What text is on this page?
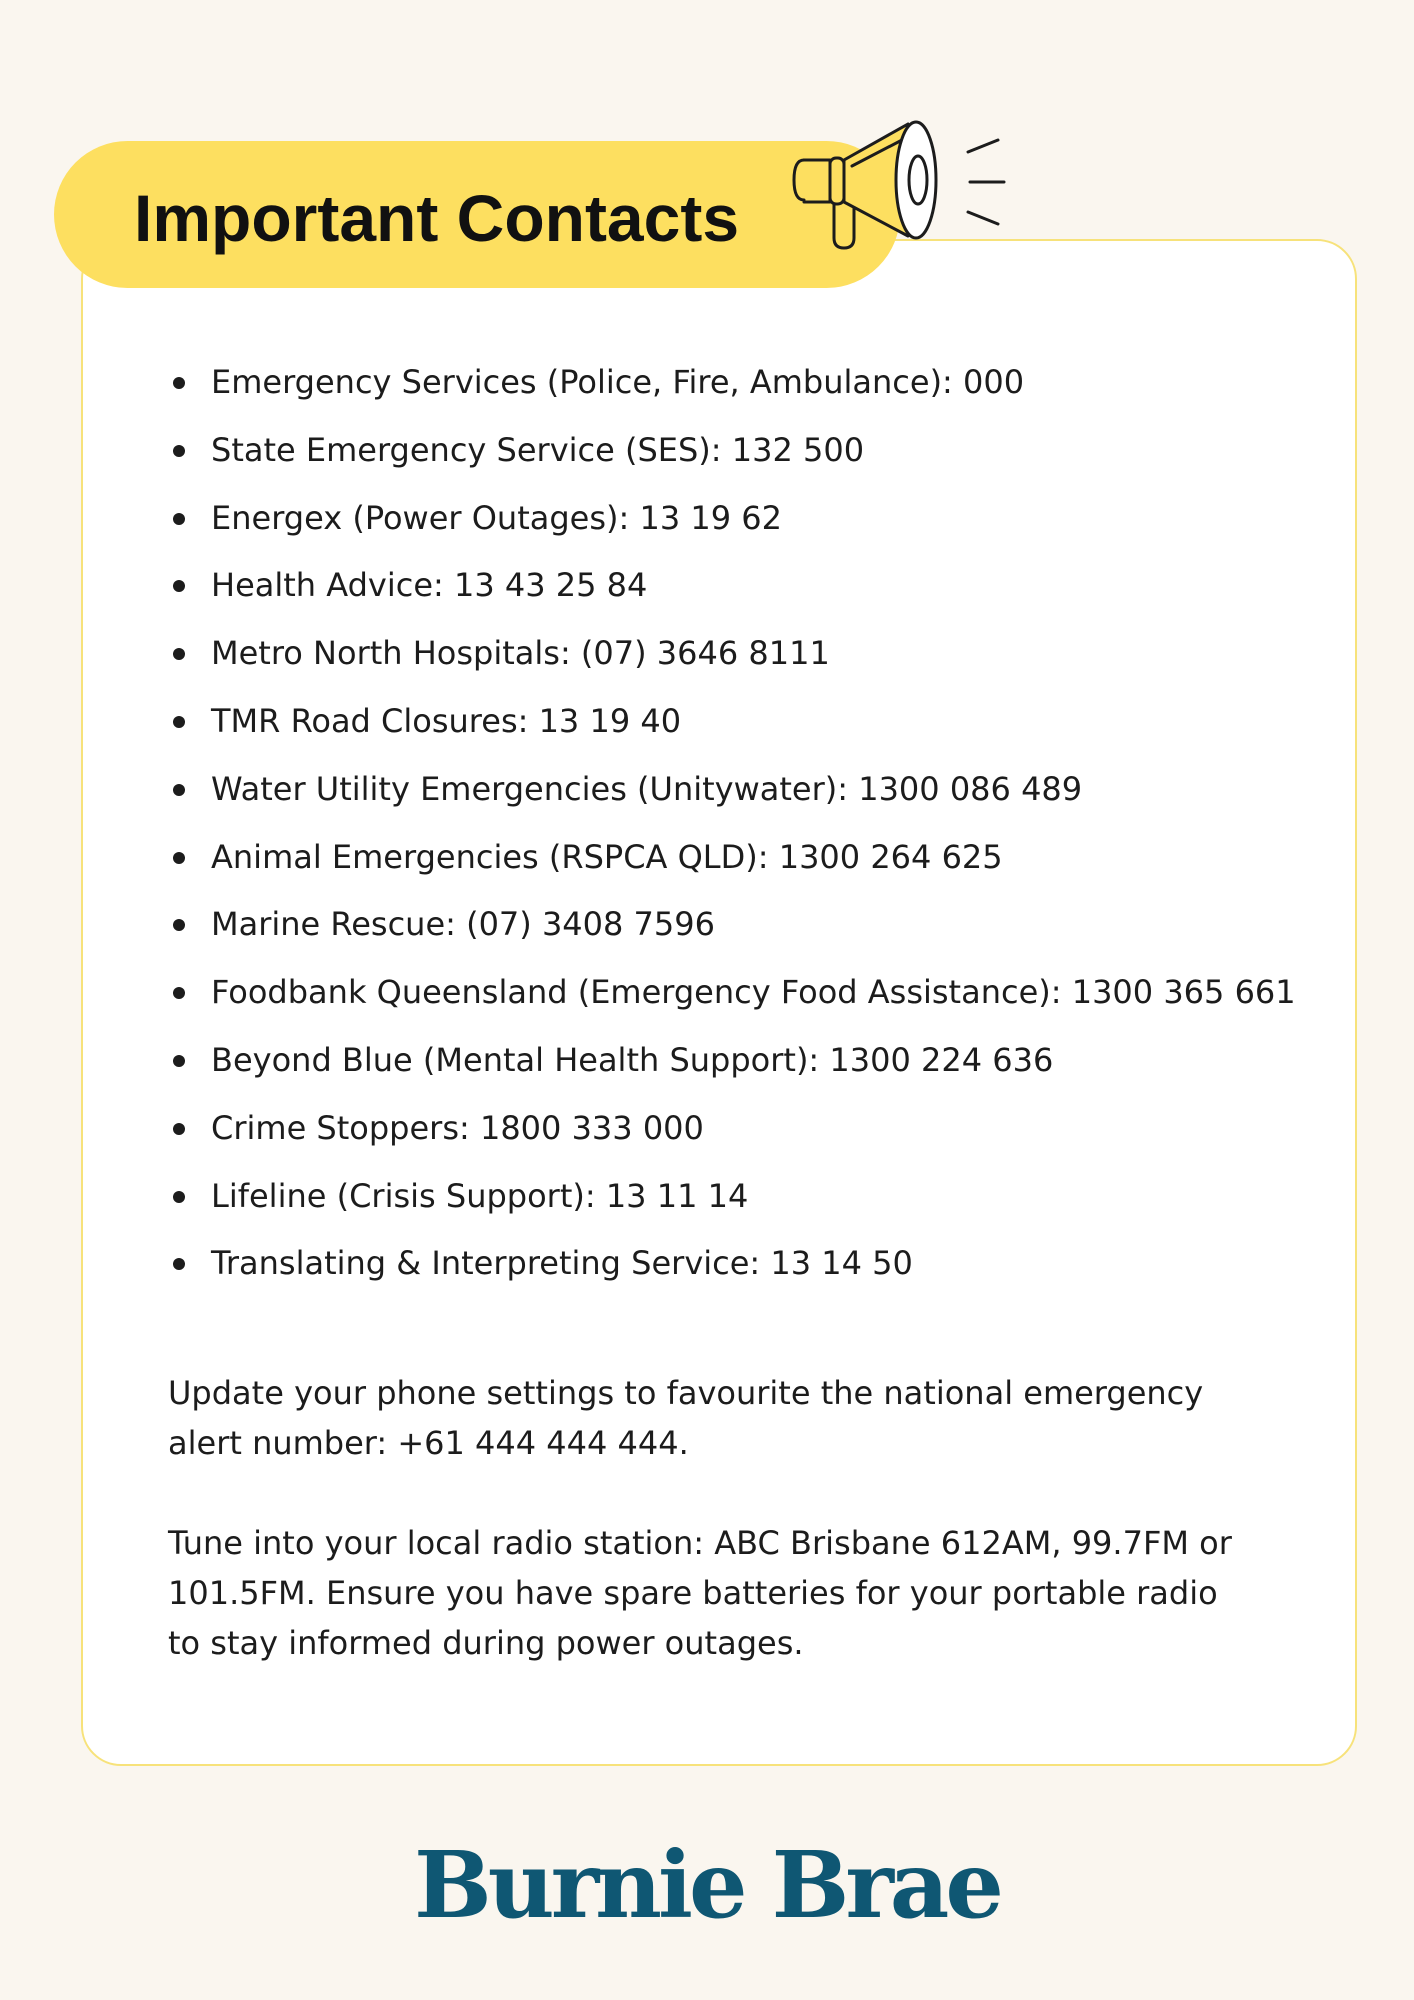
Important Contacts
Emergency Services (Police, Fire, Ambulance): 000
State Emergency Service (SES): 132 500
Energex (Power Outages): 13 19 62
Health Advice: 13 43 25 84
Metro North Hospitals: (07) 3646 8111
TMR Road Closures: 13 19 40
Water Utility Emergencies (Unitywater): 1300 086 489
Animal Emergencies (RSPCA QLD): 1300 264 625
Marine Rescue: (07) 3408 7596
Foodbank Queensland (Emergency Food Assistance): 1300 365 661
Beyond Blue (Mental Health Support): 1300 224 636
Crime Stoppers: 1800 333 000
Lifeline (Crisis Support): 13 11 14
Translating & Interpreting Service: 13 14 50

Update your phone settings to favourite the national emergency alert number: +61 444 444 444.

Tune into your local radio station: ABC Brisbane 612AM, 99.7FM or 101.5FM. Ensure you have spare batteries for your portable radio to stay informed during power outages.

Burnie Brae
